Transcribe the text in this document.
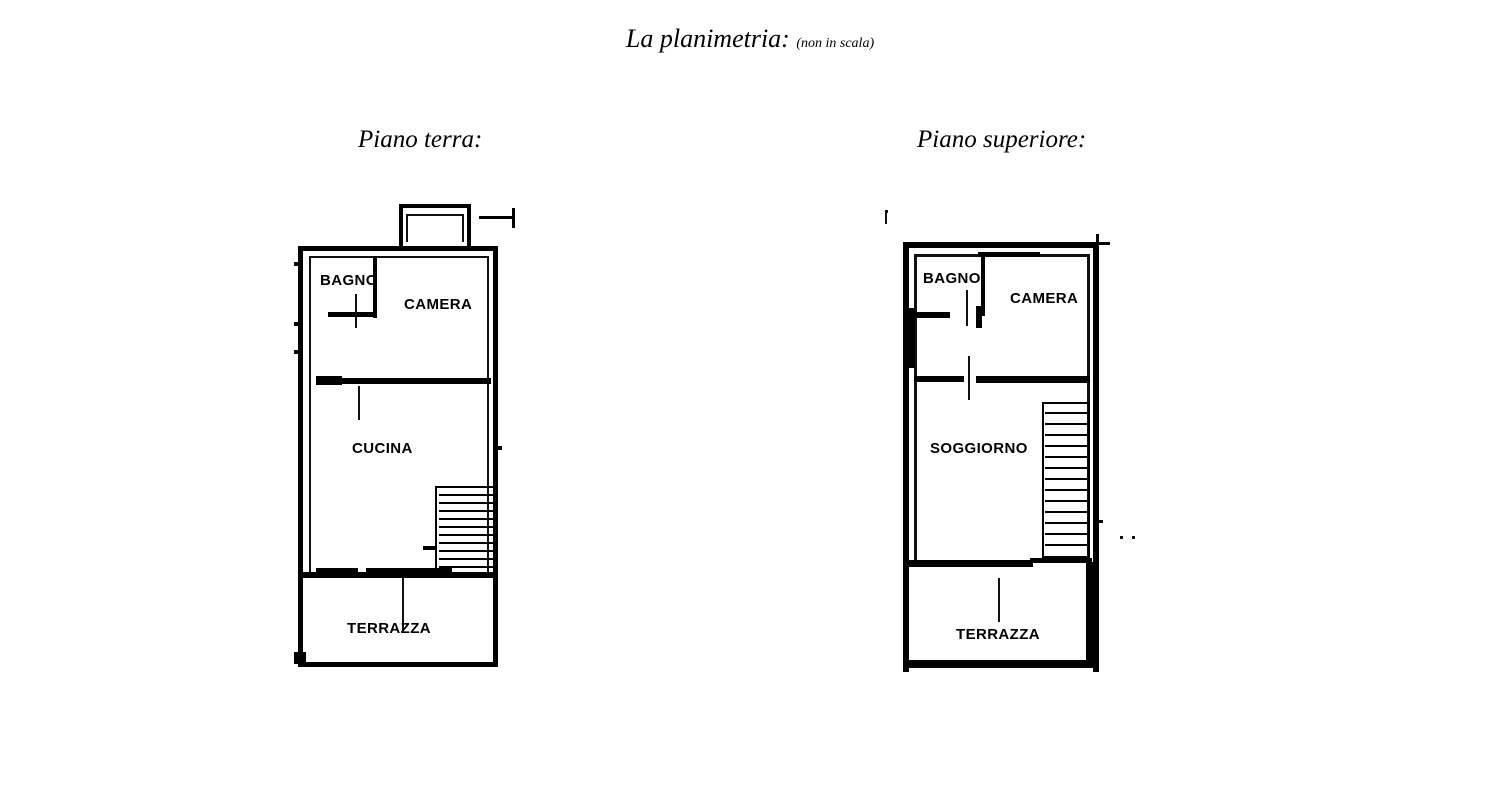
La planimetria: (non in scala)
Piano terra:	Piano superiore:
BAGNO
CAMERA
CUCINA
TERRAZZA
BAGNO
CAMERA
SOGGIORNO
TERRAZZA
